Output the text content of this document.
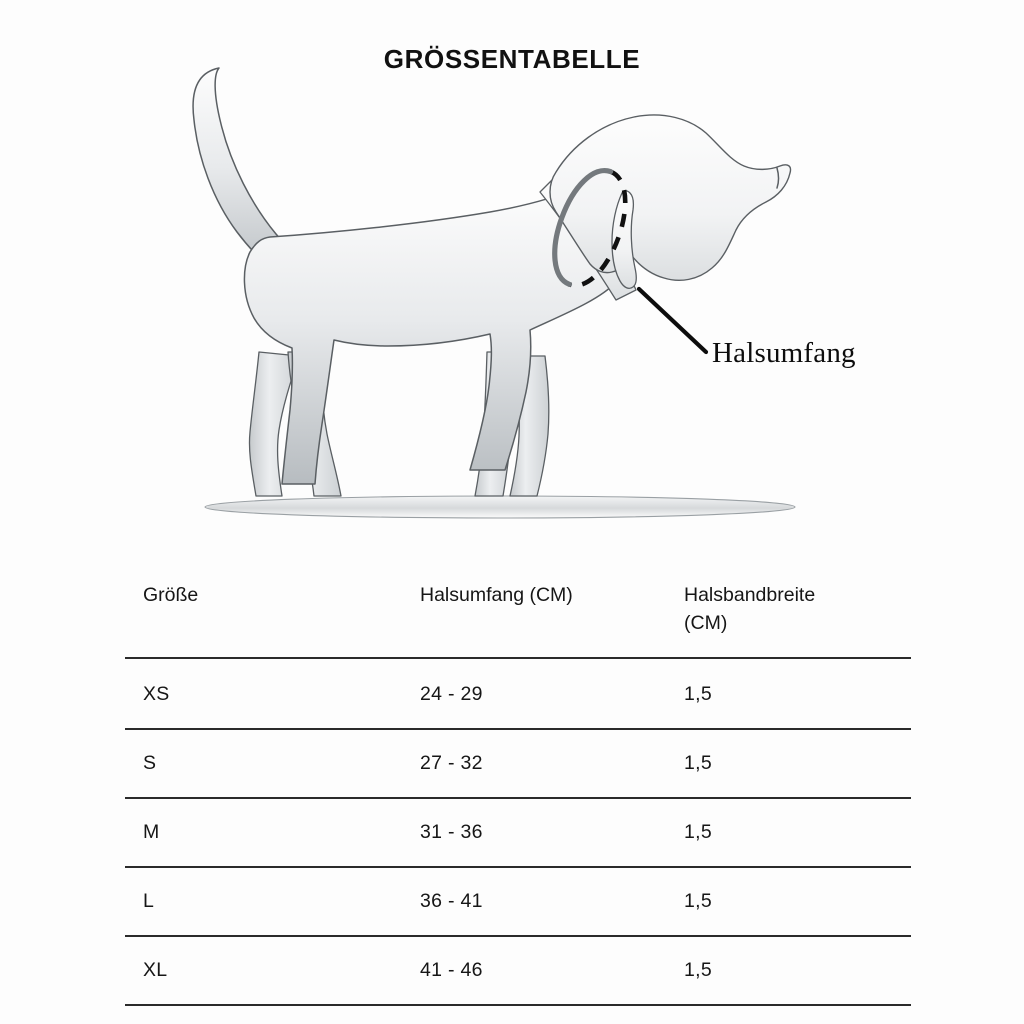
GRÖSSENTABELLE
Halsumfang
Größe	Halsumfang (CM)	Halsbandbreite
(CM)

XS	24 - 29	1,5
S	27 - 32	1,5
M	31 - 36	1,5
L	36 - 41	1,5
XL	41 - 46	1,5
